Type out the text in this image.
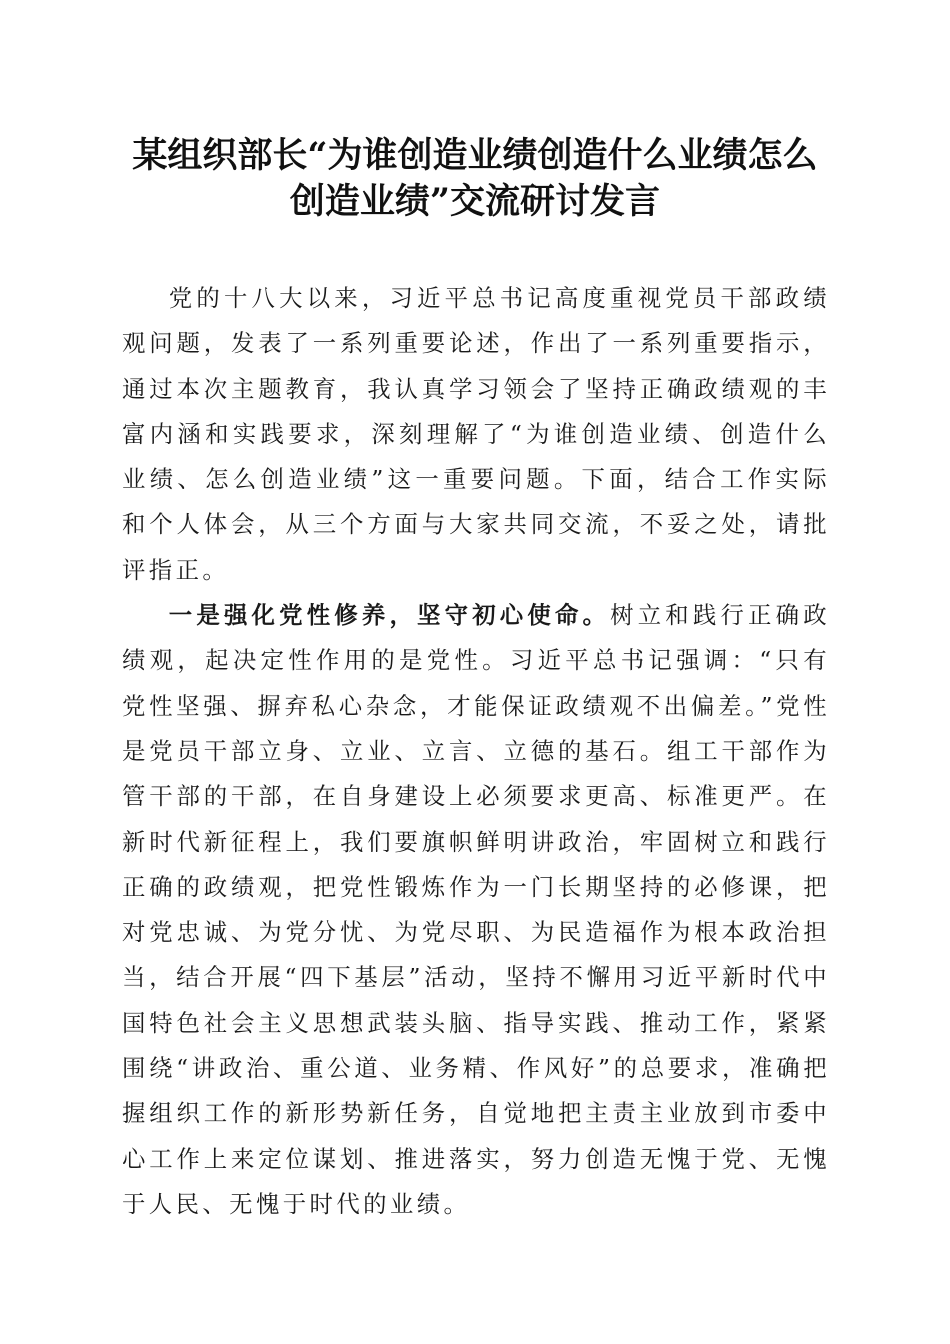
某组织部长“为谁创造业绩创造什么业绩怎么
创造业绩”交流研讨发言

党的十八大以来，习近平总书记高度重视党员干部政绩观问题，发表了一系列重要论述，作出了一系列重要指示，通过本次主题教育，我认真学习领会了坚持正确政绩观的丰富内涵和实践要求，深刻理解了“为谁创造业绩、创造什么业绩、怎么创造业绩”这一重要问题。下面，结合工作实际和个人体会，从三个方面与大家共同交流，不妥之处，请批评指正。

一是强化党性修养，坚守初心使命。树立和践行正确政绩观，起决定性作用的是党性。习近平总书记强调：“只有党性坚强、摒弃私心杂念，才能保证政绩观不出偏差。”党性是党员干部立身、立业、立言、立德的基石。组工干部作为管干部的干部，在自身建设上必须要求更高、标准更严。在新时代新征程上，我们要旗帜鲜明讲政治，牢固树立和践行正确的政绩观，把党性锻炼作为一门长期坚持的必修课，把对党忠诚、为党分忧、为党尽职、为民造福作为根本政治担当，结合开展“四下基层”活动，坚持不懈用习近平新时代中国特色社会主义思想武装头脑、指导实践、推动工作，紧紧围绕“讲政治、重公道、业务精、作风好”的总要求，准确把握组织工作的新形势新任务，自觉地把主责主业放到市委中心工作上来定位谋划、推进落实，努力创造无愧于党、无愧于人民、无愧于时代的业绩。
